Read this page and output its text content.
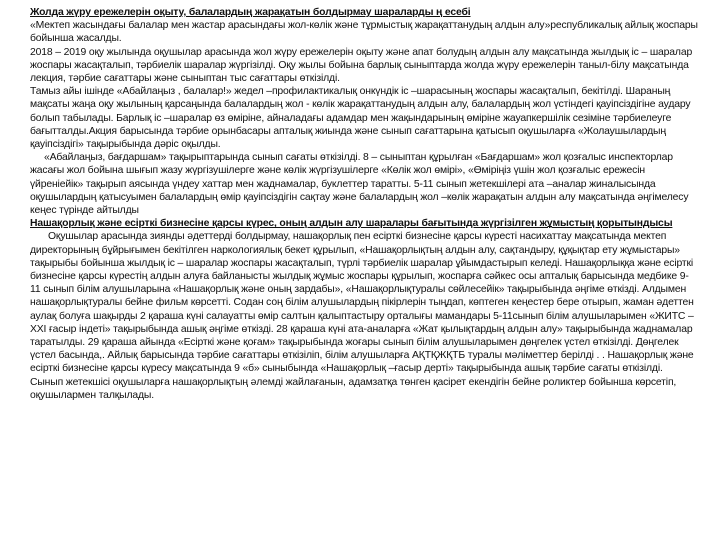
Жолда жүру ережелерін оқыту, балалардың жарақатын болдырмау шараларды ң есебі

«Мектеп жасындағы балалар мен жастар арасындағы жол-көлік және тұрмыстық жарақаттанудың алдын алу»республикалық айлық жоспары бойынша жасалды.

2018 – 2019 оқу жылында оқушылар арасында жол жүру ережелерін оқыту және апат болудың алдын алу мақсатында жылдық іс – шаралар жоспары жасақталып, тәрбиелік шаралар жүргізілді. Оқу жылы бойына барлық сыныптарда жолда жүру ережелерін таныл-білу мақсатында лекция, тәрбие сағаттары және сыныптан тыс сағаттары өткізілді.

Тамыз айы ішінде «Абайлаңыз , балалар!» жедел –профилактикалық онкүндік іс –шарасының жоспары жасақталып, бекітілді. Шараның мақсаты жаңа оқу жылының қарсаңында балалардың жол - көлік жарақаттанудың алдын алу, балалардың жол үстіндегі қауіпсіздігіне аудару болып табылады. Барлық іс –шаралар өз өміріне, айналадағы адамдар мен жақындарының өміріне жауапкершілік сезіміне тәрбиелеуге бағытталды.Акция барысында тәрбие орынбасары апталық жиында және сынып сағаттарына қатысып оқушыларға «Жолаушылардың қауіпсіздігі» тақырыбында дәріс оқылды.

«Абайлаңыз, бағдаршам» тақырыптарында сынып сағаты өткізілді. 8 – сыныптан құрылған «Бағдаршам» жол қозғалыс инспекторлар жасағы жол бойына шығып жазу жүргізушілерге және көлік жүргізушілерге «Көлік жол өмірі», «Өміріңіз үшін жол қозғалыс ережесін үйреніейік» тақырып аясында үндеу хаттар мен жаднамалар, буклеттер таратты. 5-11 сынып жетекшілері ата –аналар жиналысында оқушылардың қатысуымен балалардың өмір қауіпсіздігін сақтау және балалардың жол –көлік жарақатын алдын алу мақсатында әңгімелесу кеңес түрінде айтылды

Нашақорлық және есірткі бизнесіне қарсы күрес, оның алдын алу шаралары бағытында жүргізілген жұмыстың қорытындысы

Оқушылар арасында зиянды әдеттерді болдырмау, нашақорлық пен есірткі бизнесіне қарсы күресті насихаттау мақсатында мектеп директорының бұйрығымен бекітілген наркологиялық бекет құрылып, «Нашақорлықтың алдын алу, сақтандыру, құқықтар ету жұмыстары» тақырыбы бойынша жылдық іс – шаралар жоспары жасақталып, түрлі тәрбиелік шаралар ұйымдастырып келеді. Нашақорлыққа және есірткі бизнесіне қарсы күрестің алдын алуға байланысты жылдық жұмыс жоспары құрылып, жоспарға сәйкес осы апталық барысында медбике 9-11 сынып білім алушыларына «Нашақорлық және оның зардабы», «Нашақорлықтуралы сөйлесейік» тақырыбында әңгіме өткізді. Алдымен нашақорлықтуралы бейне фильм көрсетті. Содан соң білім алушылардың пікірлерін тыңдап, көптеген кеңестер бере отырып, жаман әдеттен аулақ болуға шақырды 2 қараша күні салауатты өмір салтын қалыптастыру орталығы мамандары 5-11сынып білім алушыларымен «ЖИТС –XXI ғасыр індеті» тақырыбында ашық әңгіме өткізді. 28 қараша күні ата-аналарға «Жат қылықтардың алдын алу» тақырыбында жаднамалар таратылды. 29 қараша айында «Есірткі және қоғам» тақырыбында жоғары сынып білім алушыларымен дөңгелек үстел өткізілді. Дөңгелек үстел басында,. Айлық барысында тәрбие сағаттары өткізіліп, білім алушыларға АҚТҚЖҚТБ туралы мәліметтер берілді . . Нашақорлық және есірткі бизнесіне қарсы күресу мақсатында 9 «б» сыныбында «Нашақорлық –ғасыр дерті» тақырыбында ашық тәрбие сағаты өткізілді. Сынып жетекшісі оқушыларға нашақорлықтың әлемді жайлағанын, адамзатқа төнген қасірет екендігін бейне роликтер бойынша көрсетіп, оқушылармен талқылады.
